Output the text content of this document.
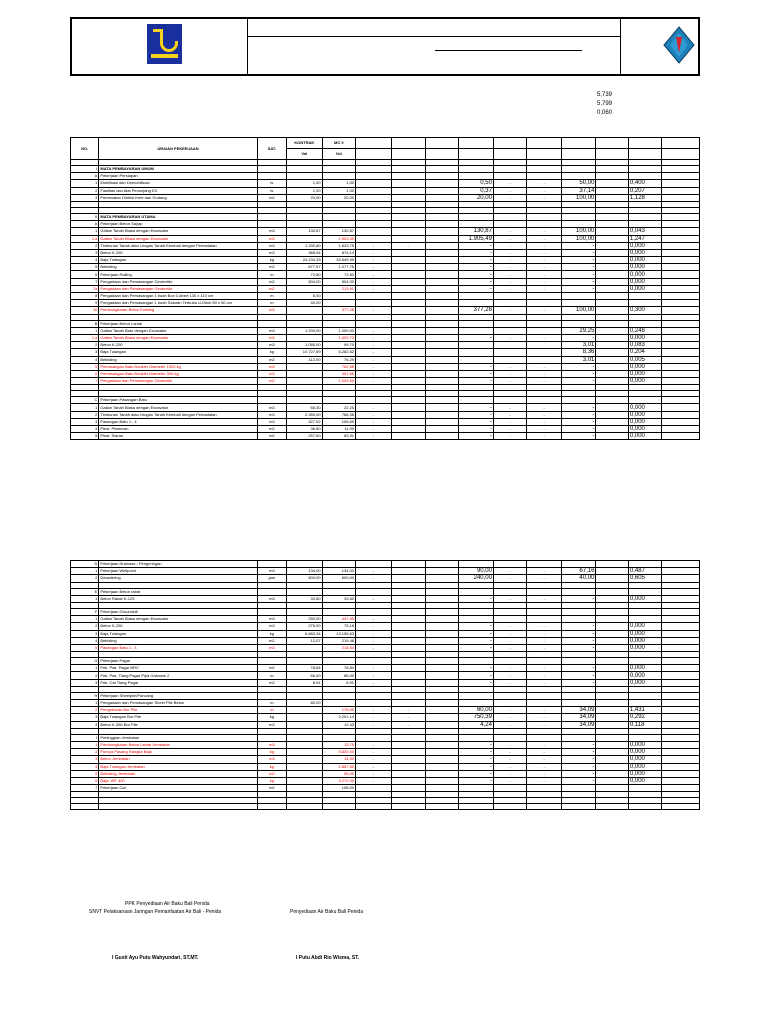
5,739
5,799
0,060
NO.	URAIAN PEKERJAAN	SAT.	KONTRAK	MC 0										
			Vol	Vol										

I	MATA PEMBAYARAN UMUM													
A	Pekerjaan Persiapan													
1	Mobilisasi dan Demobilisasi	ls	1,00	1,00				0,50	-	-	50,00		0,400	
2	Fasilitas dan Alat Penunjang K3	ls	1,00	1,00				0,37	-	-	37,14		0,207	
3	Pembuatan Direksi Keet dan Gudang	m2	20,00	20,00				20,00	-	-	100,00		1,128	

II	MATA PEMBAYARAN UTAMA													
A	Pekerjaan Beton Sayap													
1	Galian Tanah Biasa dengan Excavator	m3	130,87	130,87				130,87	-	-	100,00		0,043	
1.a	Galian Tanah Biasa dengan Excavator	m3		1.903,49				1.905,49	-	-	100,00		1,247	
2	Timbunan Tanah atau Urugan Tanah Kembali dengan Pemadatan	m3	1.330,80	1.833,75	-	-		-	-	-	-		0,000	
3	Beton K-250	m3	368,94	874,14	-			-	-	-	-		0,000	
4	Baja Tulangan	kg	24.134,33	33.549,99	-			-	-	-	-		0,000	
5	Bekisting	m2	677,57	1.077,75	-			-	-	-	-		0,000	
6	Pekerjaan Railing	m	72,80	72,80	-			-	-	-	-		0,000	
7	Pengadaan dan Pemasangan Geotextile	m2	504,00	504,00	-			-	-	-	-		0,000	
7a	Pengadaan dan Pemasangan Geotextile	m2		213,91	-			-	-	-	-		0,000	
8	Pengadaan dan Pemasangan 1 buah Box Culvert 130 x 110 cm	m	8,00											
9	Pengadaan dan Pemasangan 1 buah Saluran Terbuka U-Ditch 50 x 50 cm	m	40,00											
10	Pembongkaran Beton Existing	m3		377,28	-			377,28	-	-	100,00		0,300	

B	Pekerjaan Beton Lantai													
1	Galian Tanah Batu dengan Excavator	m3	1.200,00	1.000,00	-						29,25		0,248	
1.a	Galian Tanah Biasa dengan Excavator	m3		1.402,73	-			-	-	-	-		0,000	
2	Beton K-250	m3	1.055,00	99,70	-						3,01		0,083	
3	Baja Tulangan	kg	10.727,89	6.282,62	-						8,36		0,204	
4	Bekisting	m2	112,00	76,29	-						3,01		0,005	
5	Pemasangan Batu Boulder Diameter 1000 kg	m3		762,58	-			-	-	-	-		0,000	
6	Pemasangan Batu Boulder Diameter 300 kg	m3		451,66	-			-	-	-	-		0,000	
7	Pengadaan dan Pemasangan Geotextile	m2		1.003,69	-			-	-	-	-		0,000	

C	Pekerjaan Pasangan Batu													
1	Galian Tanah Biasa dengan Excavator	m3	68,30	22,25	-			-	-	-	-		0,000	
2	Timbunan Tanah atau Urugan Tanah Kembali dengan Pemadatan	m3	2.350,00	766,36	-			-	-	-	-		0,000	
3	Pasangan Batu 1 : 4	m3	327,52	106,69	-			-	-	-	-		0,000	
4	Plest. Plesteran	m2	36,80	11,99	-			-	-	-	-		0,000	
5	Plest. Siaran	m2	257,60	83,91	-			-	-	-	-		0,000	
D	Pekerjaan Drainase / Pengeringan													
1	Pekerjaan Wellpoint	m3	134,00	134,00	-			90,00	-	-	67,16		0,487	
2	Dewatering	jam	600,00	600,00	-			240,00	-	-	40,00		0,605	

E	Pekerjaan Beton rabat													
1	Beton Rabat K-125	m3	33,60	33,60	-			-	-	-	-		0,000	

F	Pekerjaan Groundsill													
1	Galian Tanah Biasa dengan Excavator	m3	250,00	447,95	-									
2	Beton K-250	m3	275,00	75,18	-			-	-	-	-		0,000	
3	Baja Tulangan	kg	6.883,34	13.155,63	-			-	-	-	-		0,000	
4	Bekisting	m2	12,07	219,48	-			-	-	-	-		0,000	
5	Pasangan Batu 1 : 4	m3		215,54	-			-	-	-	-		0,000	

G	Pekerjaan Pagar													
1	Pek. Pas. Pagar BRC	m2	78,84	78,84	-			-	-	-	-		0,000	
2	Pek. Pas. Tiang Pagar Pipa Galvanis 2	m	66,00	66,00	-			-	-	-	-		0,000	
3	Pek. Cat Tiang Pagar	m2	8,91	8,91	-			-	-	-	-		0,000	

H	Pekerjaan Sheetpile/Pancang													
1	Pengadaan dan Pemasangan Sheet Pile Beton	m	80,00											
2	Pengeboran Bor Pile	m		176,00	-	-		60,00	-	-	34,09		1,431	
3	Baja Tulangan Bor Pile	kg		2.201,14	-	-		750,39	-	-	34,09		0,292	
4	Beton K-350 Bor Pile	m3		12,43	-	-		4,24	-	-	34,09		0,118	

I	Peninggian Jembatan													
1	Pembongkaran Beton Lantai Jembatan	m3		13,75	-			-	-	-	-		0,000	
2	Pompa Pasang Rangka Baja	kg		5.830,00	-			-	-	-	-		0,000	
3	Beton Jembatan	m3		14,50	-			-	-	-	-		0,000	
4	Baja Tulangan Jembatan	kg		2.887,50	-			-	-	-	-		0,000	
5	Bekisting Jembatan	m2		55,00	-			-	-	-	-		0,000	
6	Baja. WF 400	kg		3.272,00	-			-	-	-	-		0,000	
7	Pekerjaan Cat	m2		108,00										

PPK Penyediaan Air Baku Bali Penida
SNVT Pelaksanaan Jaringan Pemanfaatan Air Bali - Penida	Penyediaan Air Baku Bali Penida
I Gusti Ayu Putu Wahyundari, ST.MT.	I Putu Abdi Rio Wisma, ST.
